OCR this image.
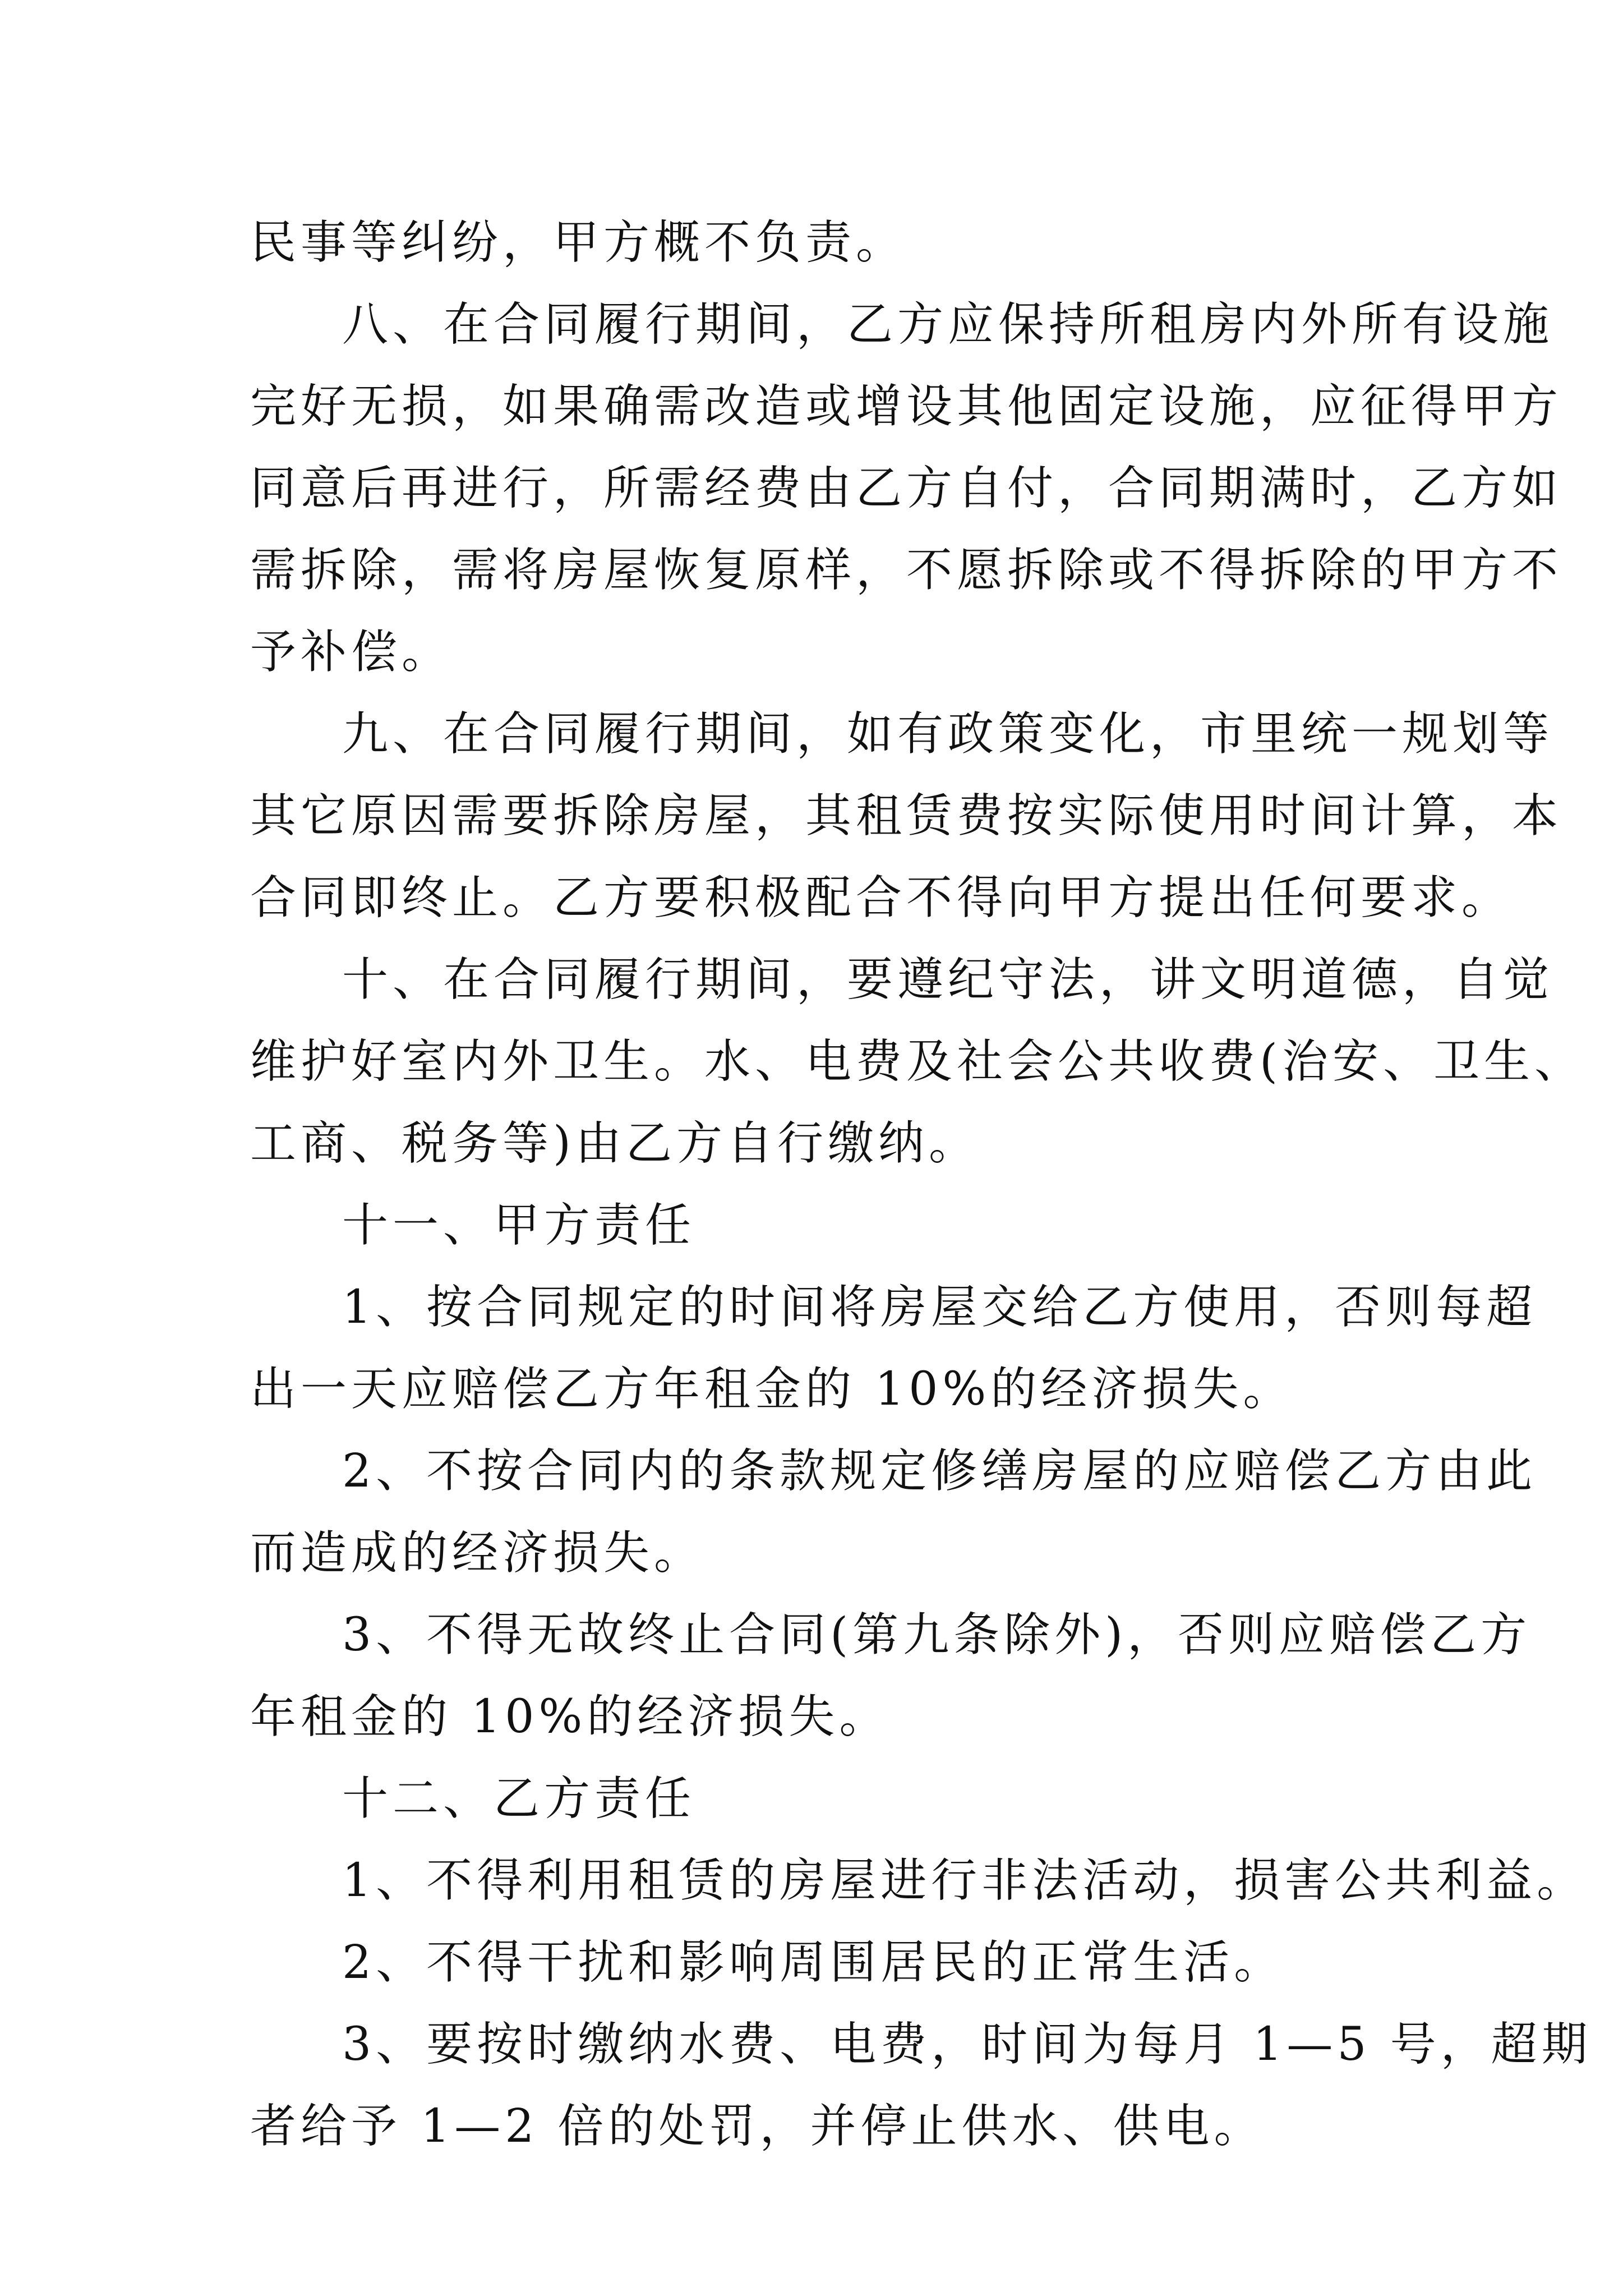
民事等纠纷，甲方概不负责。
八、在合同履行期间，乙方应保持所租房内外所有设施
完好无损，如果确需改造或增设其他固定设施，应征得甲方
同意后再进行，所需经费由乙方自付，合同期满时，乙方如
需拆除，需将房屋恢复原样，不愿拆除或不得拆除的甲方不
予补偿。
九、在合同履行期间，如有政策变化，市里统一规划等
其它原因需要拆除房屋，其租赁费按实际使用时间计算，本
合同即终止。乙方要积极配合不得向甲方提出任何要求。
十、在合同履行期间，要遵纪守法，讲文明道德，自觉
维护好室内外卫生。水、电费及社会公共收费(治安、卫生、
工商、税务等)由乙方自行缴纳。
十一、甲方责任
1、按合同规定的时间将房屋交给乙方使用，否则每超
出一天应赔偿乙方年租金的 10%的经济损失。
2、不按合同内的条款规定修缮房屋的应赔偿乙方由此
而造成的经济损失。
3、不得无故终止合同(第九条除外)，否则应赔偿乙方
年租金的 10%的经济损失。
十二、乙方责任
1、不得利用租赁的房屋进行非法活动，损害公共利益。
2、不得干扰和影响周围居民的正常生活。
3、要按时缴纳水费、电费，时间为每月 1—5 号，超期
者给予 1—2 倍的处罚，并停止供水、供电。
